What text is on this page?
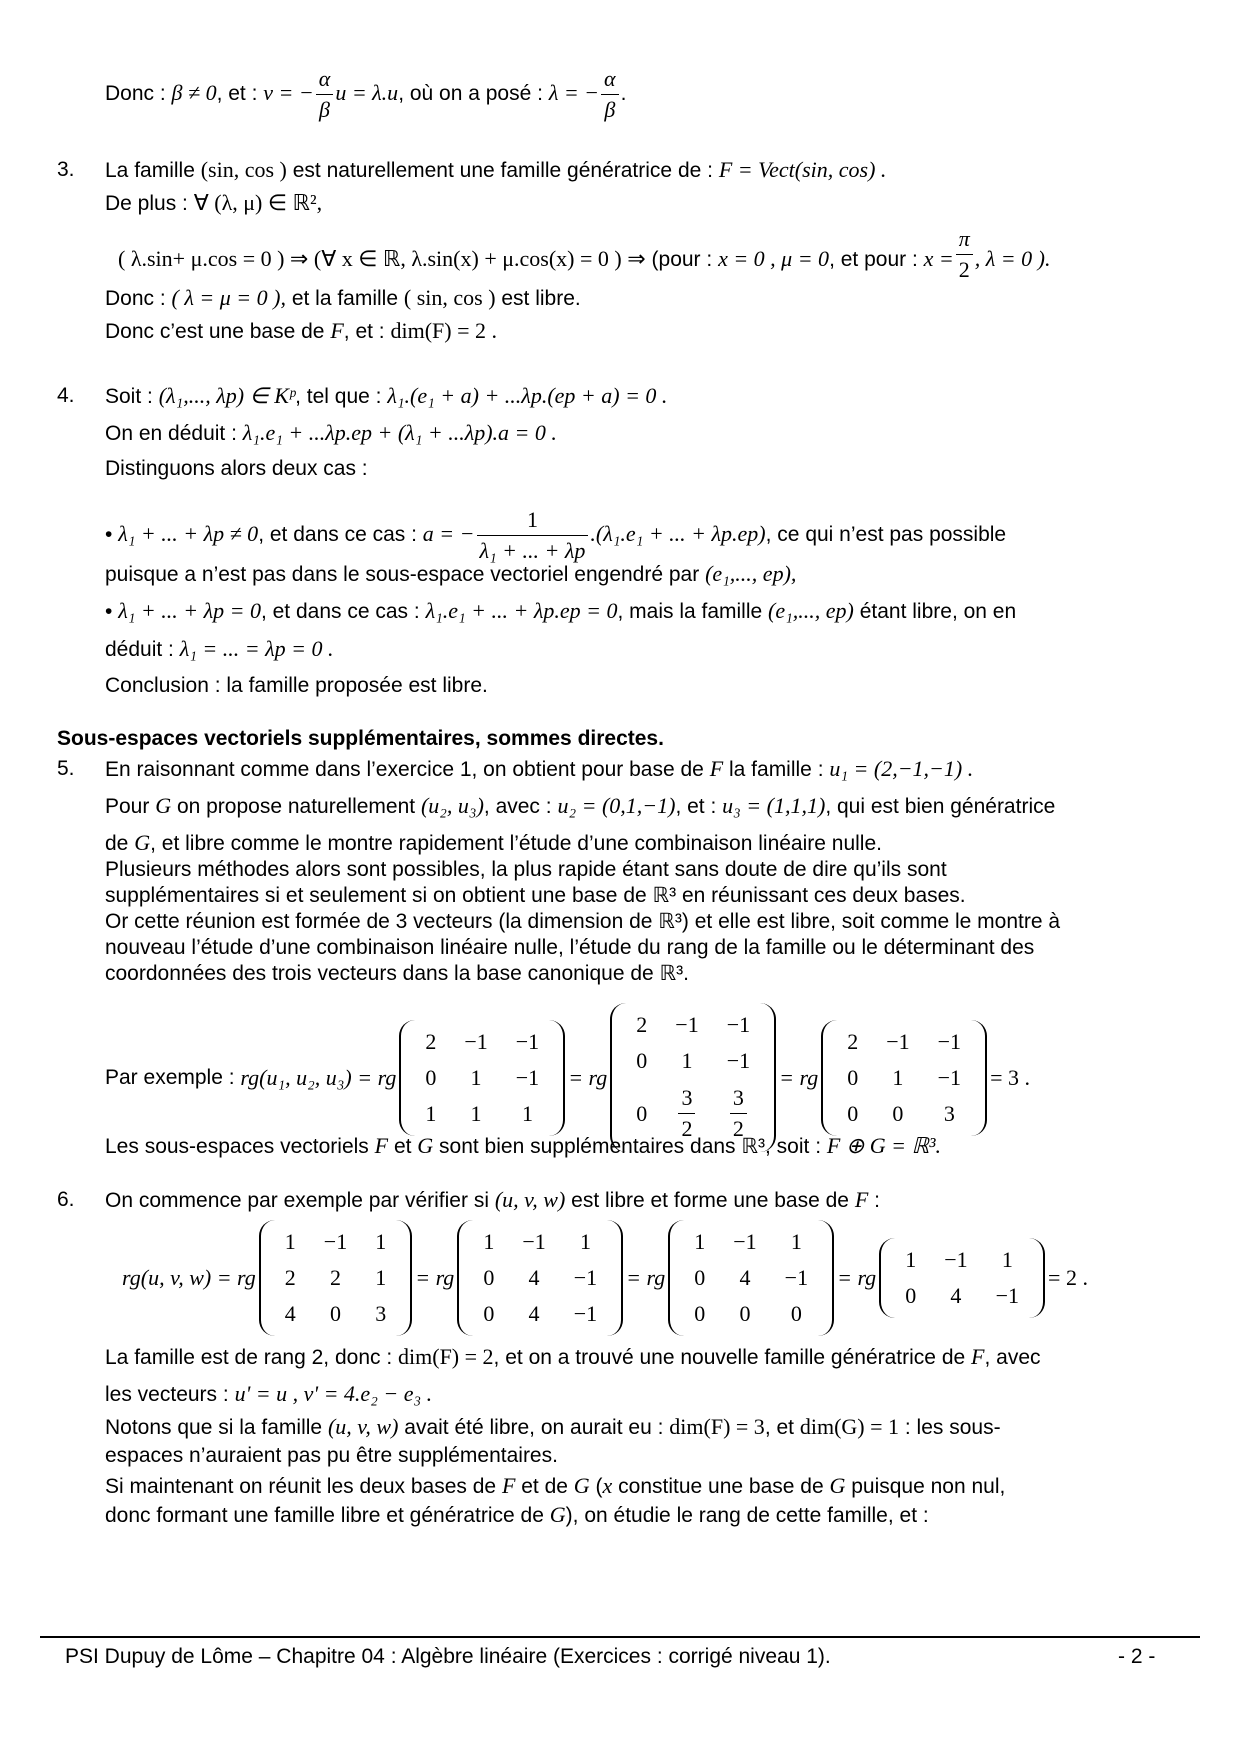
Donc : β ≠ 0, et : v = − $\frac{\alpha}{\beta}$ u = λ.u, où on a posé : λ = − $\frac{\alpha}{\beta}$ .
3. La famille (sin, cos ) est naturellement une famille génératrice de : F = Vect(sin, cos) .
De plus : ∀ (λ, μ) ∈ ℝ²,
( λ.sin+ μ.cos = 0 ) ⇒ (∀ x ∈ ℝ, λ.sin(x) + μ.cos(x) = 0 ) ⇒ (pour : x = 0 , μ = 0, et pour : $x = \frac{\pi}{2}$ , λ = 0 ).
Donc : ( λ = μ = 0 ), et la famille ( sin, cos ) est libre.
Donc c’est une base de F, et : dim(F) = 2 .
4. Soit : (λ₁,..., λp) ∈ Kᵖ, tel que : λ₁.(e₁ + a) + ...λp.(ep + a) = 0 .
On en déduit : λ₁.e₁ + ...λp.ep + (λ₁ + ...λp).a = 0 .
Distinguons alors deux cas :
• λ₁ + ... + λp ≠ 0, et dans ce cas : a = − $\frac{1}{\text{λ₁ + ... + λp}} .(\lambda_1.e_1$ + ... + λp.ep), ce qui n’est pas possible
puisque a n’est pas dans le sous-espace vectoriel engendré par (e₁,..., ep),
• λ₁ + ... + λp = 0, et dans ce cas : λ₁.e₁ + ... + λp.ep = 0, mais la famille (e₁,..., ep) étant libre, on en
déduit : λ₁ = ... = λp = 0 .
Conclusion : la famille proposée est libre.
Sous-espaces vectoriels supplémentaires, sommes directes.
5. En raisonnant comme dans l’exercice 1, on obtient pour base de F la famille : u₁ = (2,−1,−1) .
Pour G on propose naturellement (u₂, u₃), avec : u₂ = (0,1,−1), et : u₃ = (1,1,1), qui est bien génératrice
de G, et libre comme le montre rapidement l’étude d’une combinaison linéaire nulle.
Plusieurs méthodes alors sont possibles, la plus rapide étant sans doute de dire qu’ils sont
supplémentaires si et seulement si on obtient une base de ℝ³ en réunissant ces deux bases.
Or cette réunion est formée de 3 vecteurs (la dimension de ℝ³) et elle est libre, soit comme le montre à
nouveau l’étude d’une combinaison linéaire nulle, l’étude du rang de la famille ou le déterminant des
coordonnées des trois vecteurs dans la base canonique de ℝ³.
Par exemple :
rg(u₁, u₂, u₃) = rg
2	−1	−1
0	1	−1
1	1	1
= rg
2	−1	−1
0	1	−1
0	$\frac{3}{2}$	$\frac{3}{2}$
= rg
2	−1	−1
0	1	−1
0	0	3
= 3 .
Les sous-espaces vectoriels F et G sont bien supplémentaires dans ℝ³, soit : F ⊕ G = ℝ³.
6. On commence par exemple par vérifier si (u, v, w) est libre et forme une base de F :
rg(u, v, w) = rg
1	−1	1
2	2	1
4	0	3
= rg
1	−1	1
0	4	−1
0	4	−1
= rg
1	−1	1
0	4	−1
0	0	0
= rg
1	−1	1
0	4	−1
= 2 .
La famille est de rang 2, donc : dim(F) = 2, et on a trouvé une nouvelle famille génératrice de F, avec
les vecteurs : u' = u , v' = 4.e₂ − e₃ .
Notons que si la famille (u, v, w) avait été libre, on aurait eu : dim(F) = 3, et dim(G) = 1 : les sous-
espaces n’auraient pas pu être supplémentaires.
Si maintenant on réunit les deux bases de F et de G (x constitue une base de G puisque non nul,
donc formant une famille libre et génératrice de G), on étudie le rang de cette famille, et :
PSI Dupuy de Lôme – Chapitre 04 : Algèbre linéaire (Exercices : corrigé niveau 1).	- 2 -
